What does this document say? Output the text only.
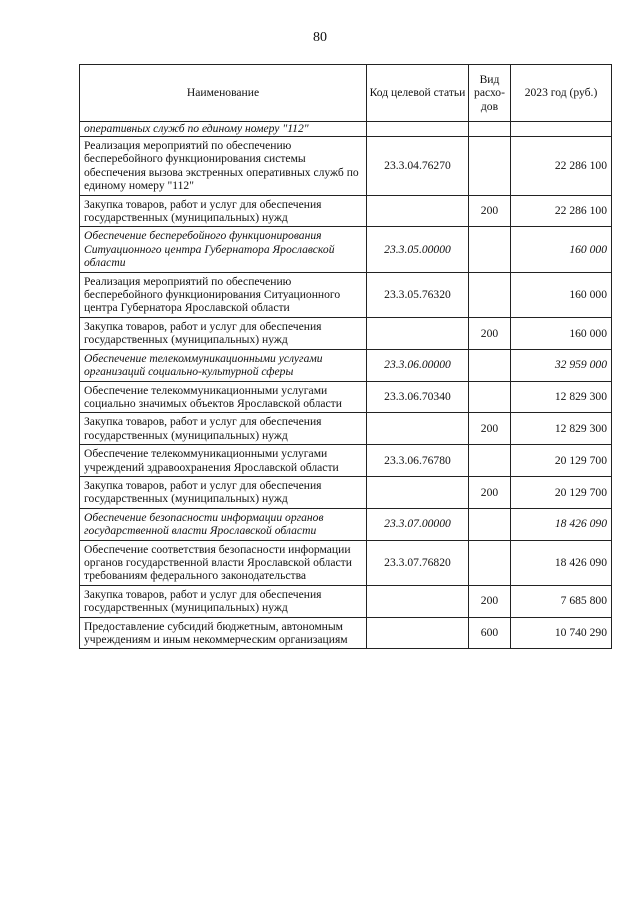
80
Наименование	Код целевой статьи	Вид расхо-дов	2023 год (руб.)
оперативных служб по единому номеру "112"			
Реализация мероприятий по обеспечению бесперебойного функционирования системы обеспечения вызова экстренных оперативных служб по единому номеру "112"	23.3.04.76270		22 286 100
Закупка товаров, работ и услуг для обеспечения государственных (муниципальных) нужд		200	22 286 100
Обеспечение бесперебойного функционирования Ситуационного центра Губернатора Ярославской области	23.3.05.00000		160 000
Реализация мероприятий по обеспечению бесперебойного функционирования Ситуационного центра Губернатора Ярославской области	23.3.05.76320		160 000
Закупка товаров, работ и услуг для обеспечения государственных (муниципальных) нужд		200	160 000
Обеспечение телекоммуникационными услугами организаций социально-культурной сферы	23.3.06.00000		32 959 000
Обеспечение телекоммуникационными услугами социально значимых объектов Ярославской области	23.3.06.70340		12 829 300
Закупка товаров, работ и услуг для обеспечения государственных (муниципальных) нужд		200	12 829 300
Обеспечение телекоммуникационными услугами учреждений здравоохранения Ярославской области	23.3.06.76780		20 129 700
Закупка товаров, работ и услуг для обеспечения государственных (муниципальных) нужд		200	20 129 700
Обеспечение безопасности информации органов государственной власти Ярославской области	23.3.07.00000		18 426 090
Обеспечение соответствия безопасности информации органов государственной власти Ярославской области требованиям федерального законодательства	23.3.07.76820		18 426 090
Закупка товаров, работ и услуг для обеспечения государственных (муниципальных) нужд		200	7 685 800
Предоставление субсидий бюджетным, автономным учреждениям и иным некоммерческим организациям		600	10 740 290
